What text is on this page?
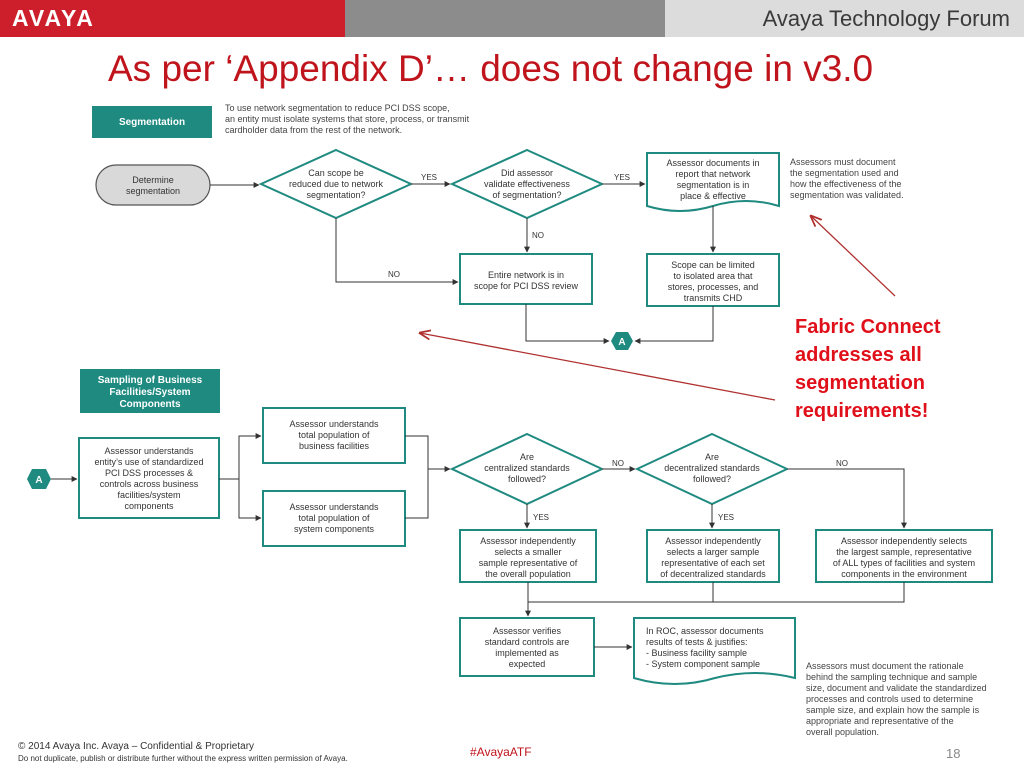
AVAYA	Avaya Technology Forum
As per ‘Appendix D’… does not change in v3.0
Segmentation
Determine
segmentation
Can scope be
reduced due to network
segmentation?
Did assessor
validate effectiveness
of segmentation?
Assessor documents in
report that network
segmentation is in
place & effective
Entire network is in
scope for PCI DSS review
Scope can be limited
to isolated area that
stores, processes, and
transmits CHD
A
YES	YES
NO
NO
Sampling of Business
Facilities/System
Components
A
Assessor understands
entity’s use of standardized
PCI DSS processes &
controls across business
facilities/system
components
Assessor understands
total population of
business facilities
Assessor understands
total population of
system components
Are
centralized standards
followed?
Are
decentralized standards
followed?
Assessor independently
selects a smaller
sample representative of
the overall population
Assessor independently
selects a larger sample
representative of each set
of decentralized standards
Assessor independently selects
the largest sample, representative
of ALL types of facilities and system
components in the environment
Assessor verifies
standard controls are
implemented as
expected
In ROC, assessor documents
results of tests & justifies:
- Business facility sample
- System component sample
NO	NO
YES	YES
To use network segmentation to reduce PCI DSS scope,
an entity must isolate systems that store, process, or transmit
cardholder data from the rest of the network.
Assessors must document
the segmentation used and
how the effectiveness of the
segmentation was validated.
Assessors must document the rationale
behind the sampling technique and sample
size, document and validate the standardized
processes and controls used to determine
sample size, and explain how the sample is
appropriate and representative of the
overall population.
Fabric Connect
addresses all
segmentation
requirements!
© 2014 Avaya Inc. Avaya – Confidential & Proprietary
Do not duplicate, publish or distribute further without the express written permission of Avaya.	#AvayaATF	18
